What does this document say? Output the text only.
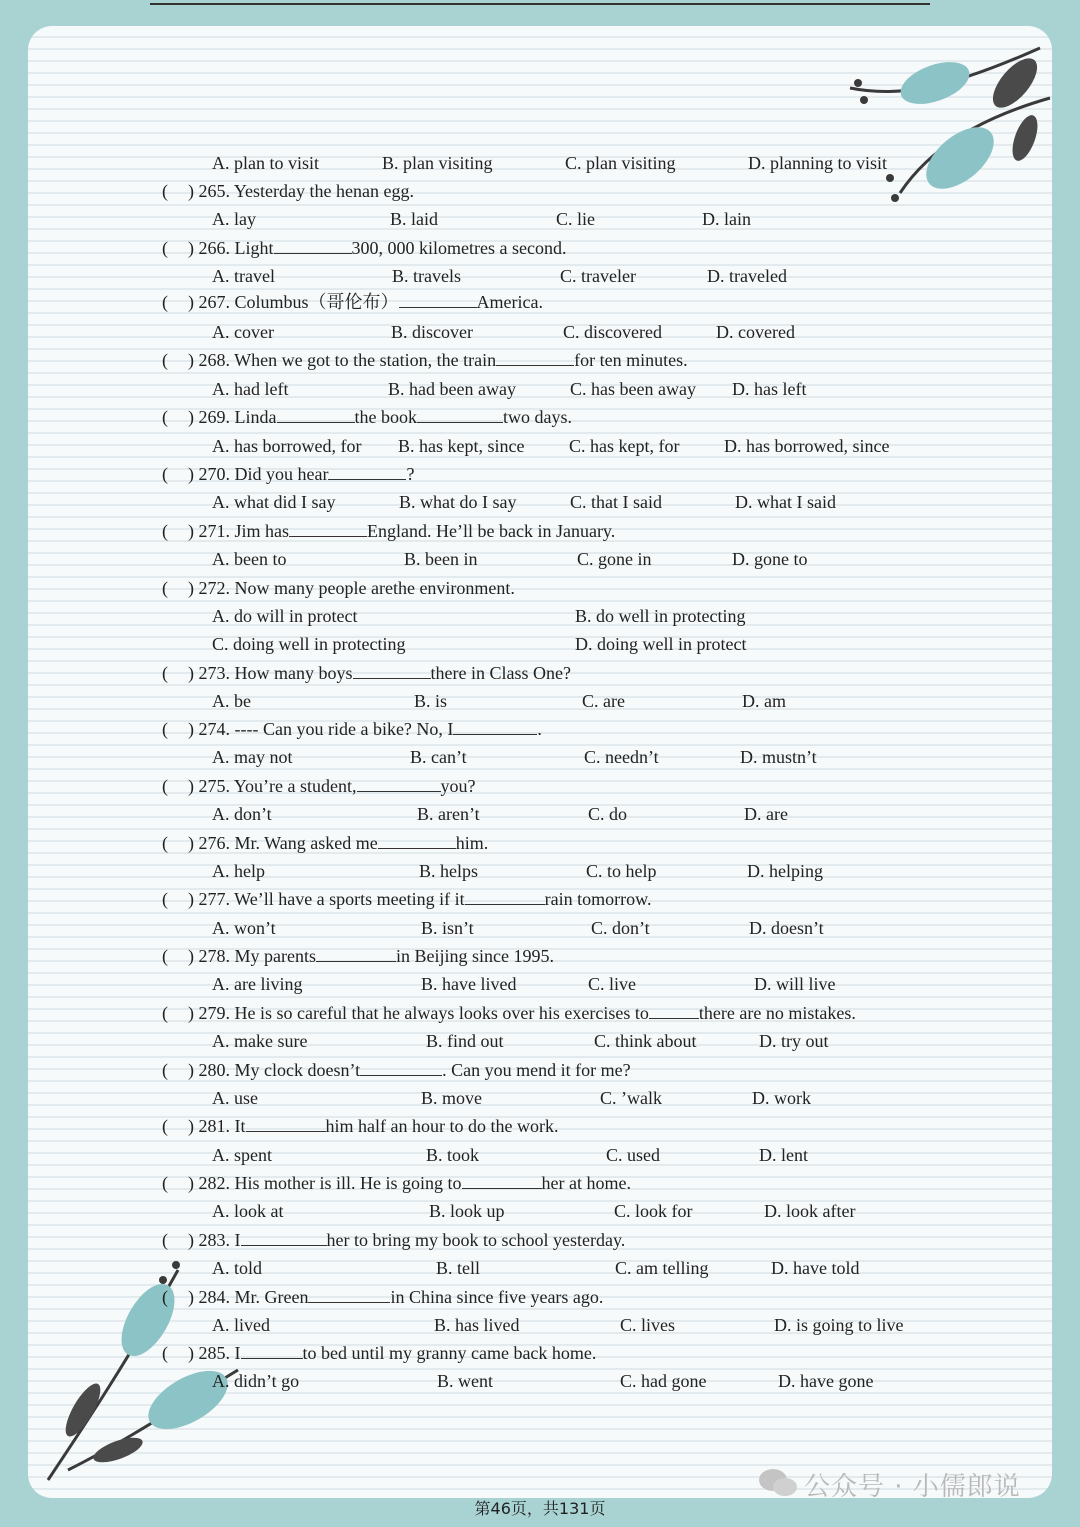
A. plan to visit	B. plan visiting	C. plan visiting	D. planning to visit
( ) 265. Yesterday the henan egg.
A. lay	B. laid	C. lie	D. lain
( ) 266. Light	300, 000 kilometres a second.
A. travel	B. travels	C. traveler	D. traveled
( ) 267. Columbus（哥伦布）	America.
A. cover	B. discover	C. discovered	D. covered
( ) 268. When we got to the station, the train	for ten minutes.
A. had left	B. had been away	C. has been away D. has left
( ) 269. Linda	the book	two days.
A. has borrowed, for B. has kept, since C. has kept, for D. has borrowed, since
( ) 270. Did you hear	?
A. what did I say	B. what do I say	C. that I said	D. what I said
( ) 271. Jim has	England. He’ll be back in January.
A. been to	B. been in	C. gone in	D. gone to
( ) 272. Now many people arethe environment.
A. do will in protect	B. do well in protecting
C. doing well in protecting	D. doing well in protect
( ) 273. How many boys	there in Class One?
A. be	B. is	C. are	D. am
( ) 274. ---- Can you ride a bike? No, I	.
A. may not	B. can’t	C. needn’t	D. mustn’t
( ) 275. You’re a student,	you?
A. don’t	B. aren’t	C. do	D. are
( ) 276. Mr. Wang asked me	him.
A. help	B. helps	C. to help	D. helping
( ) 277. We’ll have a sports meeting if it	rain tomorrow.
A. won’t	B. isn’t	C. don’t	D. doesn’t
( ) 278. My parents	in Beijing since 1995.
A. are living	B. have lived	C. live	D. will live
( ) 279. He is so careful that he always looks over his exercises to	there are no mistakes.
A. make sure	B. find out	C. think about	D. try out
( ) 280. My clock doesn’t	. Can you mend it for me?
A. use	B. move	C. ’walk	D. work
( ) 281. It	him half an hour to do the work.
A. spent	B. took	C. used	D. lent
( ) 282. His mother is ill. He is going to	her at home.
A. look at	B. look up	C. look for	D. look after
( ) 283. I	her to bring my book to school yesterday.
A. told	B. tell	C. am telling	D. have told
( ) 284. Mr. Green	in China since five years ago.
A. lived	B. has lived	C. lives	D. is going to live
( ) 285. I	to bed until my granny came back home.
A. didn’t go	B. went	C. had gone	D. have gone
公众号 · 小儒郎说
第46页，共131页
